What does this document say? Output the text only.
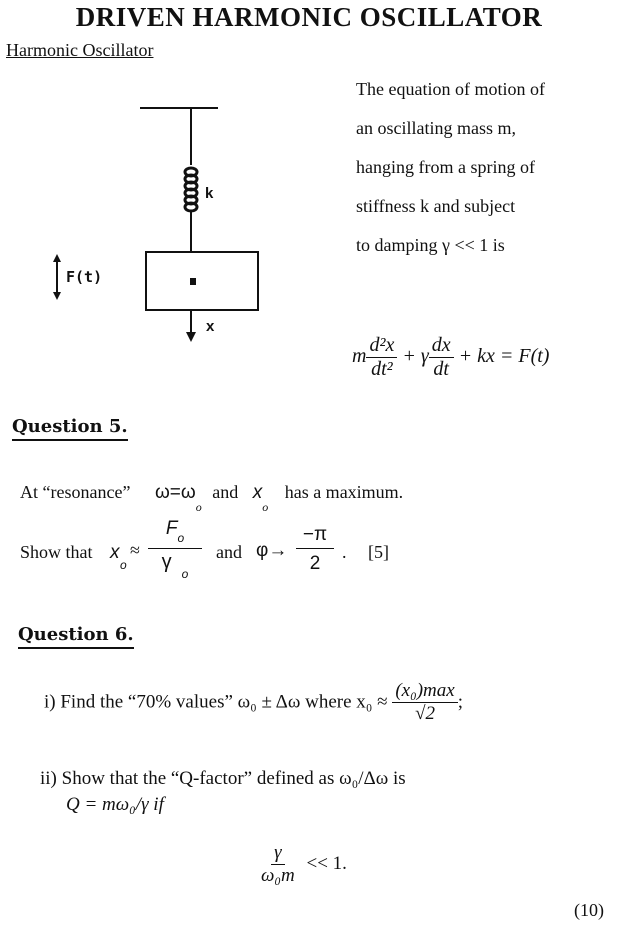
DRIVEN HARMONIC OSCILLATOR
Harmonic Oscillator
k
F(t)
x
The equation of motion of
an oscillating mass m,
hanging from a spring of
stiffness k and subject
to damping γ << 1 is
m $\frac{\text{d²x}}{\text{dt²}} + \gamma \frac{dx}{dt}$ + kx = F(t)
Question 5.
At “resonance” $\omega=\omega_o$ and $x_o$ has a maximum.
Show that x
o
≈ $\frac{F_o}{\gamma_o}$ and $\varphi\to \frac{-\pi}{2}$ . [5]
Question 6.
i) Find the “70% values” ω₀ ± Δω where $x_0 \approx \frac{\text{(x₀)max}}{√2}$ ;
ii) Show that the “Q-factor” defined as ω₀/Δω is
Q = mω₀/γ if
$\frac{\gamma}{\text{ω₀m}} << 1$.
(10)
